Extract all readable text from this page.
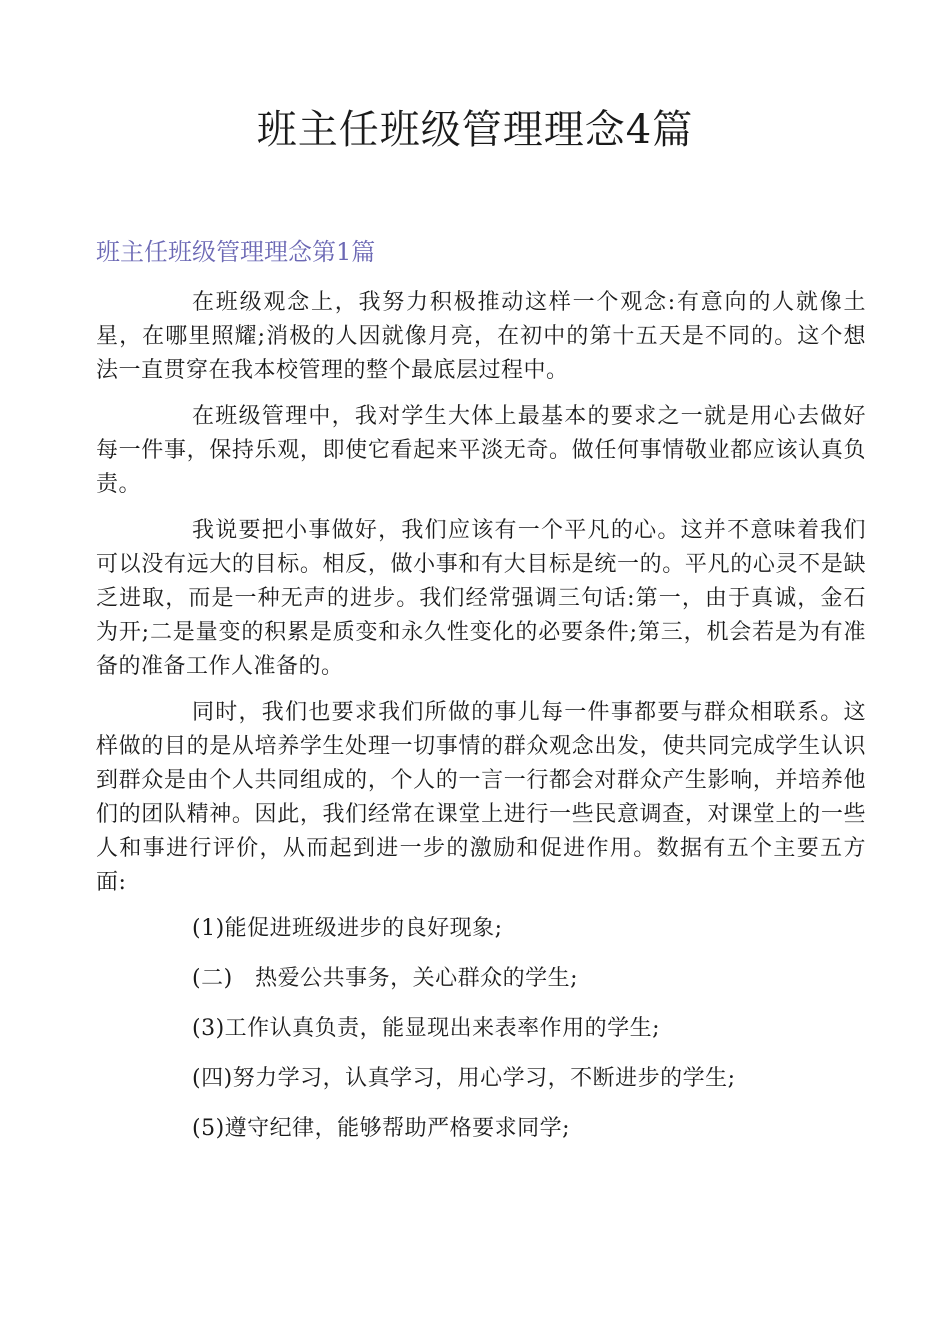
班主任班级管理理念4篇
班主任班级管理理念第1篇

在班级观念上，我努力积极推动这样一个观念:有意向的人就像土星，在哪里照耀;消极的人因就像月亮，在初中的第十五天是不同的。这个想法一直贯穿在我本校管理的整个最底层过程中。

在班级管理中，我对学生大体上最基本的要求之一就是用心去做好每一件事，保持乐观，即使它看起来平淡无奇。做任何事情敬业都应该认真负责。

我说要把小事做好，我们应该有一个平凡的心。这并不意味着我们可以没有远大的目标。相反，做小事和有大目标是统一的。平凡的心灵不是缺乏进取，而是一种无声的进步。我们经常强调三句话:第一，由于真诚，金石为开;二是量变的积累是质变和永久性变化的必要条件;第三，机会若是为有准备的准备工作人准备的。

同时，我们也要求我们所做的事儿每一件事都要与群众相联系。这样做的目的是从培养学生处理一切事情的群众观念出发，使共同完成学生认识到群众是由个人共同组成的，个人的一言一行都会对群众产生影响，并培养他们的团队精神。因此，我们经常在课堂上进行一些民意调查，对课堂上的一些人和事进行评价，从而起到进一步的激励和促进作用。数据有五个主要五方面:

(1)能促进班级进步的良好现象;

(二)　热爱公共事务，关心群众的学生;

(3)工作认真负责，能显现出来表率作用的学生;

(四)努力学习，认真学习，用心学习，不断进步的学生;

(5)遵守纪律，能够帮助严格要求同学;
